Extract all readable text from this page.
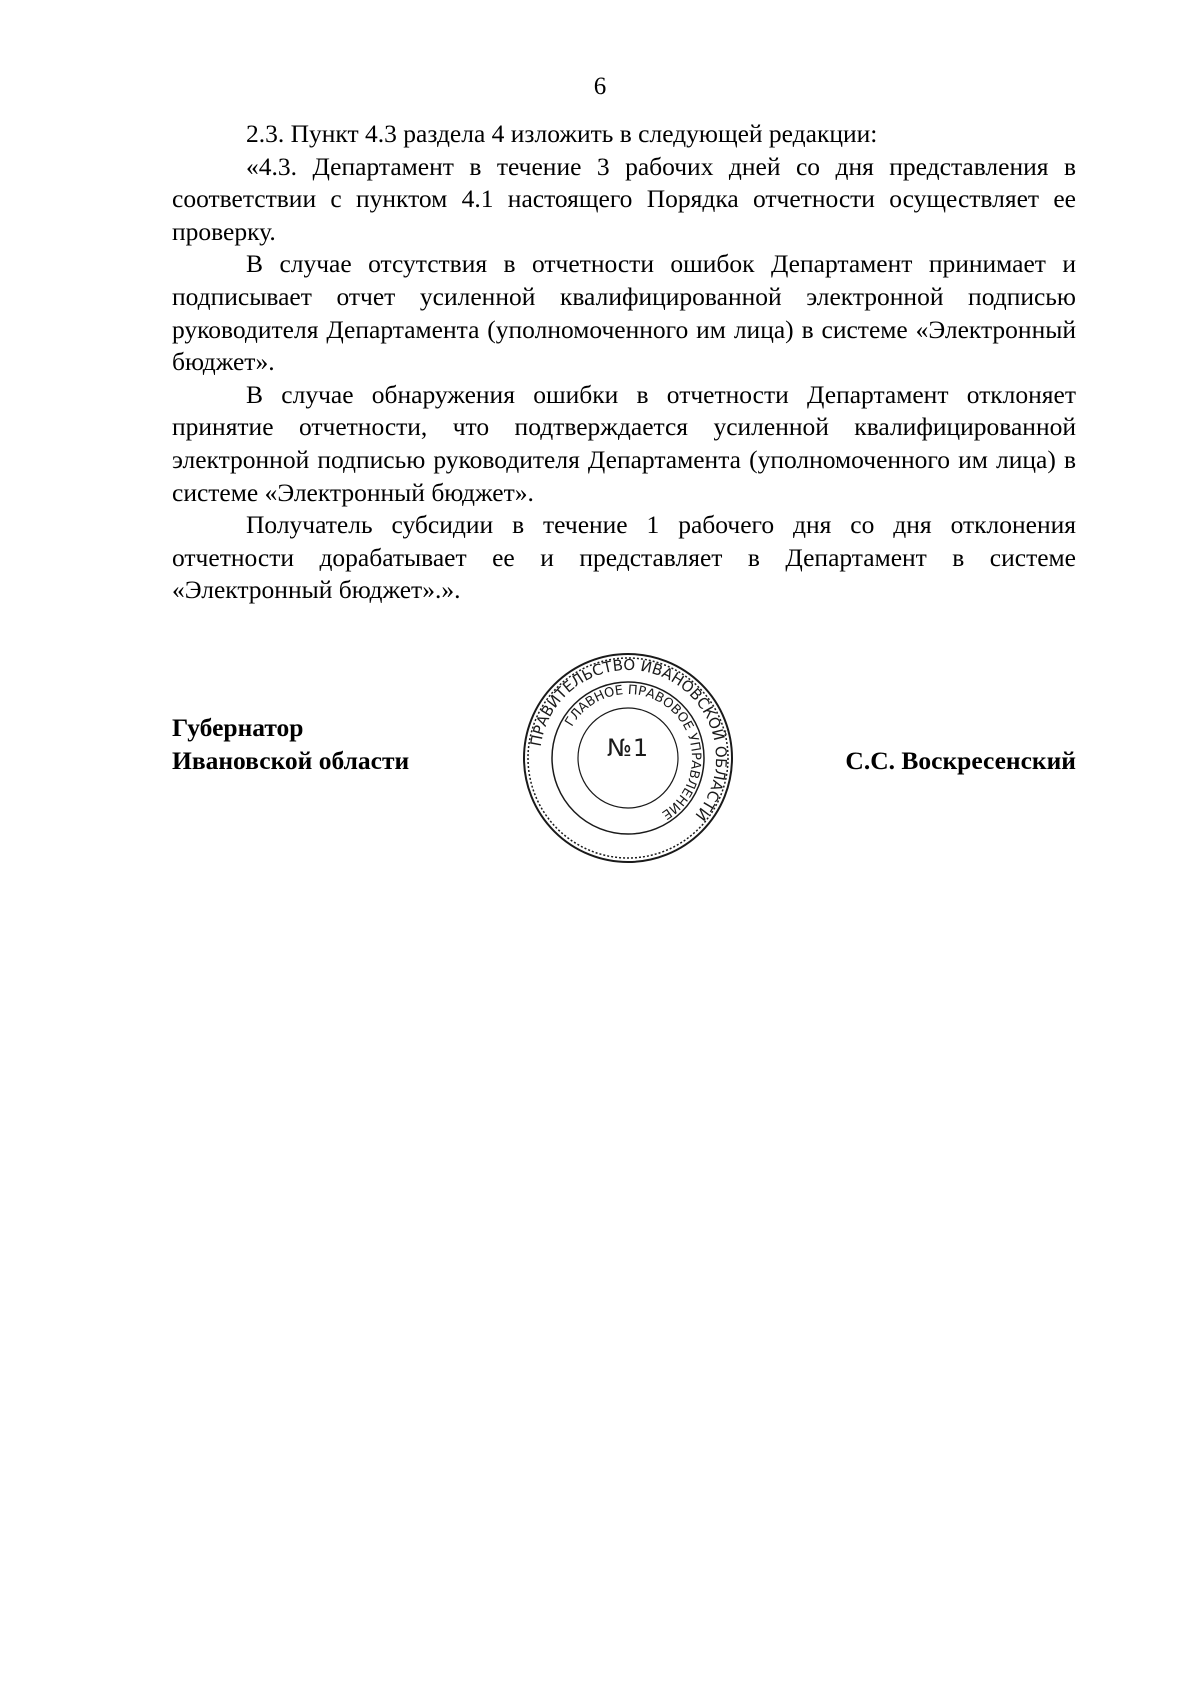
6

2.3. Пункт 4.3 раздела 4 изложить в следующей редакции:

«4.3. Департамент в течение 3 рабочих дней со дня представления в соответствии с пунктом 4.1 настоящего Порядка отчетности осуществляет ее проверку.

В случае отсутствия в отчетности ошибок Департамент принимает и подписывает отчет усиленной квалифицированной электронной подписью руководителя Департамента (уполномоченного им лица) в системе «Электронный бюджет».

В случае обнаружения ошибки в отчетности Департамент отклоняет принятие отчетности, что подтверждается усиленной квалифицированной электронной подписью руководителя Департамента (уполномоченного им лица) в системе «Электронный бюджет».

Получатель субсидии в течение 1 рабочего дня со дня отклонения отчетности дорабатывает ее и представляет в Департамент в системе «Электронный бюджет».».

Губернатор
Ивановской области	С.С. Воскресенский
ПРАВИТЕЛЬСТВО ИВАНОВСКОЙ ОБЛАСТИ
ГЛАВНОЕ ПРАВОВОЕ УПРАВЛЕНИЕ
№1
